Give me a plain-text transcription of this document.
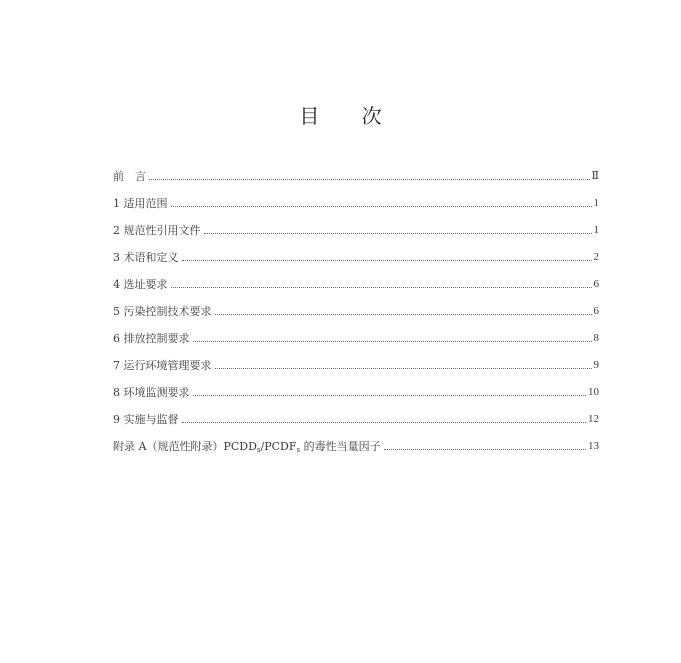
目 次
前　言	Ⅱ
1 适用范围	1
2 规范性引用文件	1
3 术语和定义	2
4 选址要求	6
5 污染控制技术要求	6
6 排放控制要求	8
7 运行环境管理要求	9
8 环境监测要求	10
9 实施与监督	12
附录 A（规范性附录）$PCDD_s/PCDF_s$ 的毒性当量因子	13
